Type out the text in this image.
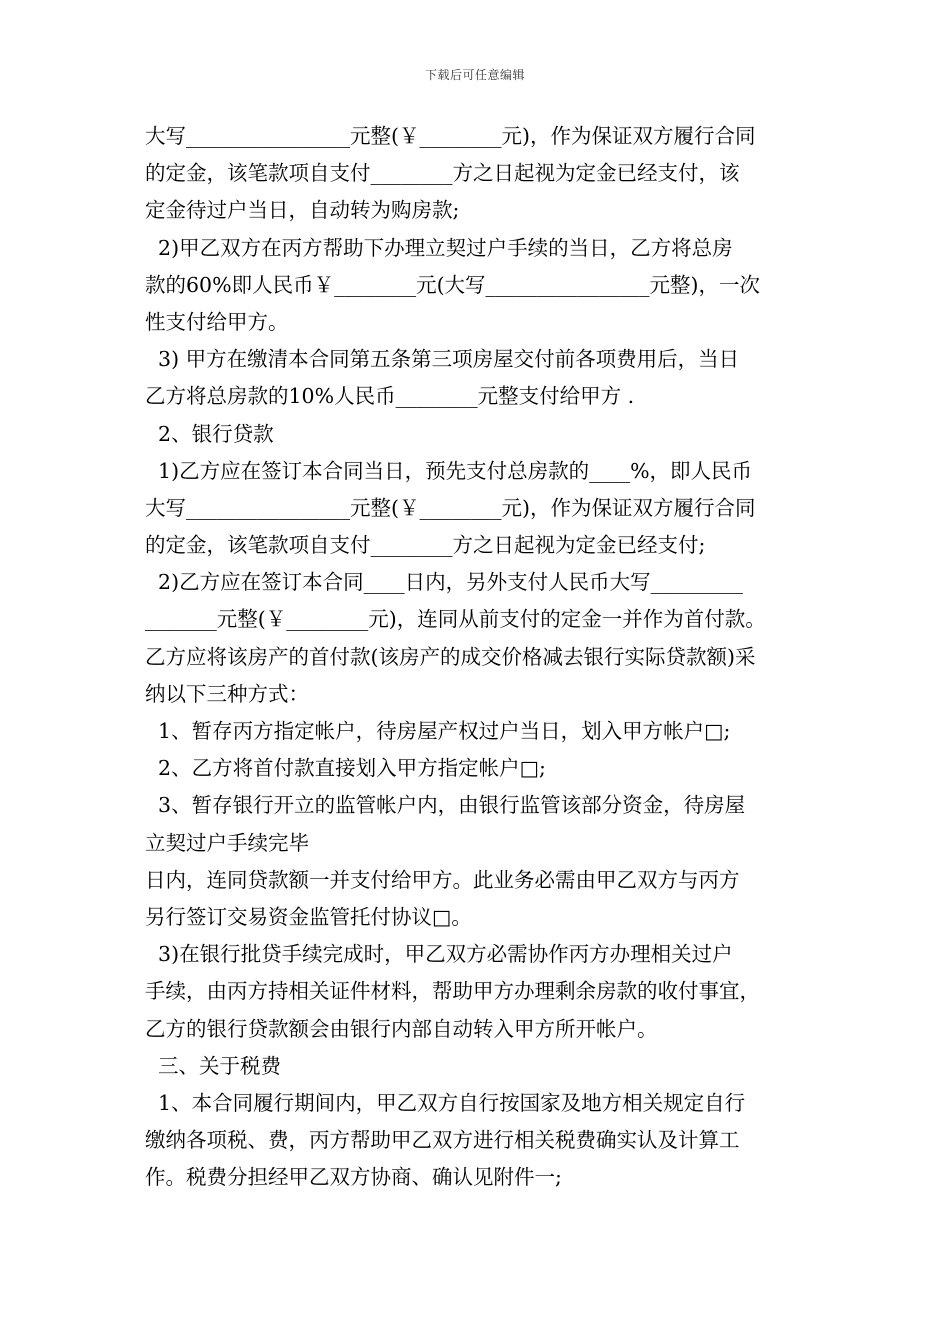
下载后可任意编辑
大写________________元整(￥________元)，作为保证双方履行合同
的定金，该笔款项自支付________方之日起视为定金已经支付，该
定金待过户当日，自动转为购房款;
2)甲乙双方在丙方帮助下办理立契过户手续的当日，乙方将总房
款的60%即人民币￥________元(大写________________元整)，一次
性支付给甲方。
3) 甲方在缴清本合同第五条第三项房屋交付前各项费用后，当日
乙方将总房款的10%人民币________元整支付给甲方 .
2、银行贷款
1)乙方应在签订本合同当日，预先支付总房款的____%，即人民币
大写________________元整(￥________元)，作为保证双方履行合同
的定金，该笔款项自支付________方之日起视为定金已经支付;
2)乙方应在签订本合同____日内，另外支付人民币大写_________
_______元整(￥________元)，连同从前支付的定金一并作为首付款。
乙方应将该房产的首付款(该房产的成交价格减去银行实际贷款额)采
纳以下三种方式：
1、暂存丙方指定帐户，待房屋产权过户当日，划入甲方帐户□;
2、乙方将首付款直接划入甲方指定帐户□;
3、暂存银行开立的监管帐户内，由银行监管该部分资金，待房屋
立契过户手续完毕
日内，连同贷款额一并支付给甲方。此业务必需由甲乙双方与丙方
另行签订交易资金监管托付协议□。
3)在银行批贷手续完成时，甲乙双方必需协作丙方办理相关过户
手续，由丙方持相关证件材料，帮助甲方办理剩余房款的收付事宜，
乙方的银行贷款额会由银行内部自动转入甲方所开帐户。
三、关于税费
1、本合同履行期间内，甲乙双方自行按国家及地方相关规定自行
缴纳各项税、费，丙方帮助甲乙双方进行相关税费确实认及计算工
作。税费分担经甲乙双方协商、确认见附件一;
